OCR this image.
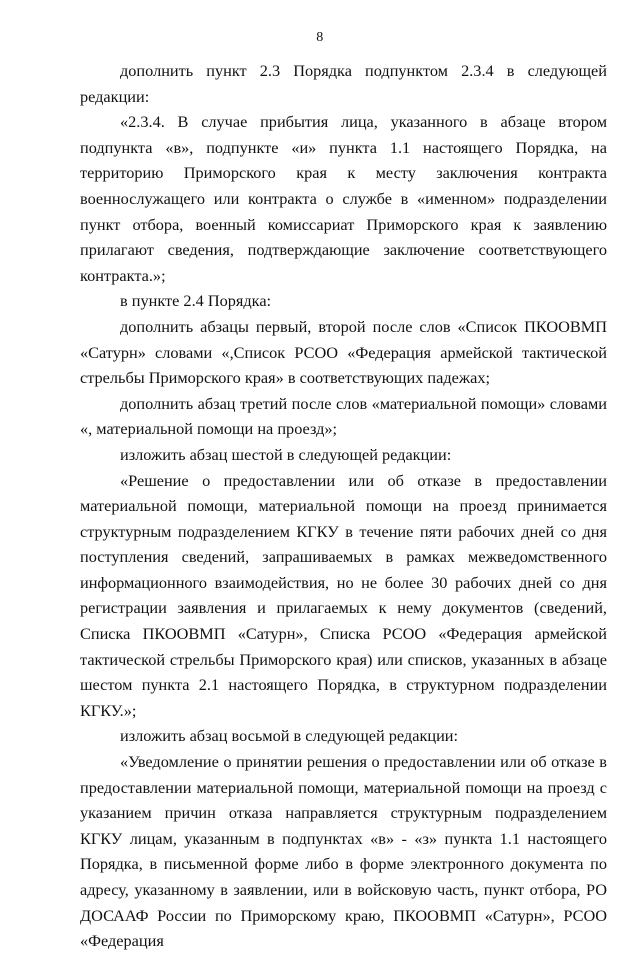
8

дополнить пункт 2.3 Порядка подпунктом 2.3.4 в следующей редакции:

«2.3.4. В случае прибытия лица, указанного в абзаце втором подпункта «в», подпункте «и» пункта 1.1 настоящего Порядка, на территорию Приморского края к месту заключения контракта военнослужащего или контракта о службе в «именном» подразделении пункт отбора, военный комиссариат Приморского края к заявлению прилагают сведения, подтверждающие заключение соответствующего контракта.»;

в пункте 2.4 Порядка:

дополнить абзацы первый, второй после слов «Список ПКООВМП «Сатурн» словами «,Список РСОО «Федерация армейской тактической стрельбы Приморского края» в соответствующих падежах;

дополнить абзац третий после слов «материальной помощи» словами «, материальной помощи на проезд»;

изложить абзац шестой в следующей редакции:

«Решение о предоставлении или об отказе в предоставлении материальной помощи, материальной помощи на проезд принимается структурным подразделением КГКУ в течение пяти рабочих дней со дня поступления сведений, запрашиваемых в рамках межведомственного информационного взаимодействия, но не более 30 рабочих дней со дня регистрации заявления и прилагаемых к нему документов (сведений, Списка ПКООВМП «Сатурн», Списка РСОО «Федерация армейской тактической стрельбы Приморского края) или списков, указанных в абзаце шестом пункта 2.1 настоящего Порядка, в структурном подразделении КГКУ.»;

изложить абзац восьмой в следующей редакции:

«Уведомление о принятии решения о предоставлении или об отказе в предоставлении материальной помощи, материальной помощи на проезд с указанием причин отказа направляется структурным подразделением КГКУ лицам, указанным в подпунктах «в» - «з» пункта 1.1 настоящего Порядка, в письменной форме либо в форме электронного документа по адресу, указанному в заявлении, или в войсковую часть, пункт отбора, РО ДОСААФ России по Приморскому краю, ПКООВМП «Сатурн», РСОО «Федерация
